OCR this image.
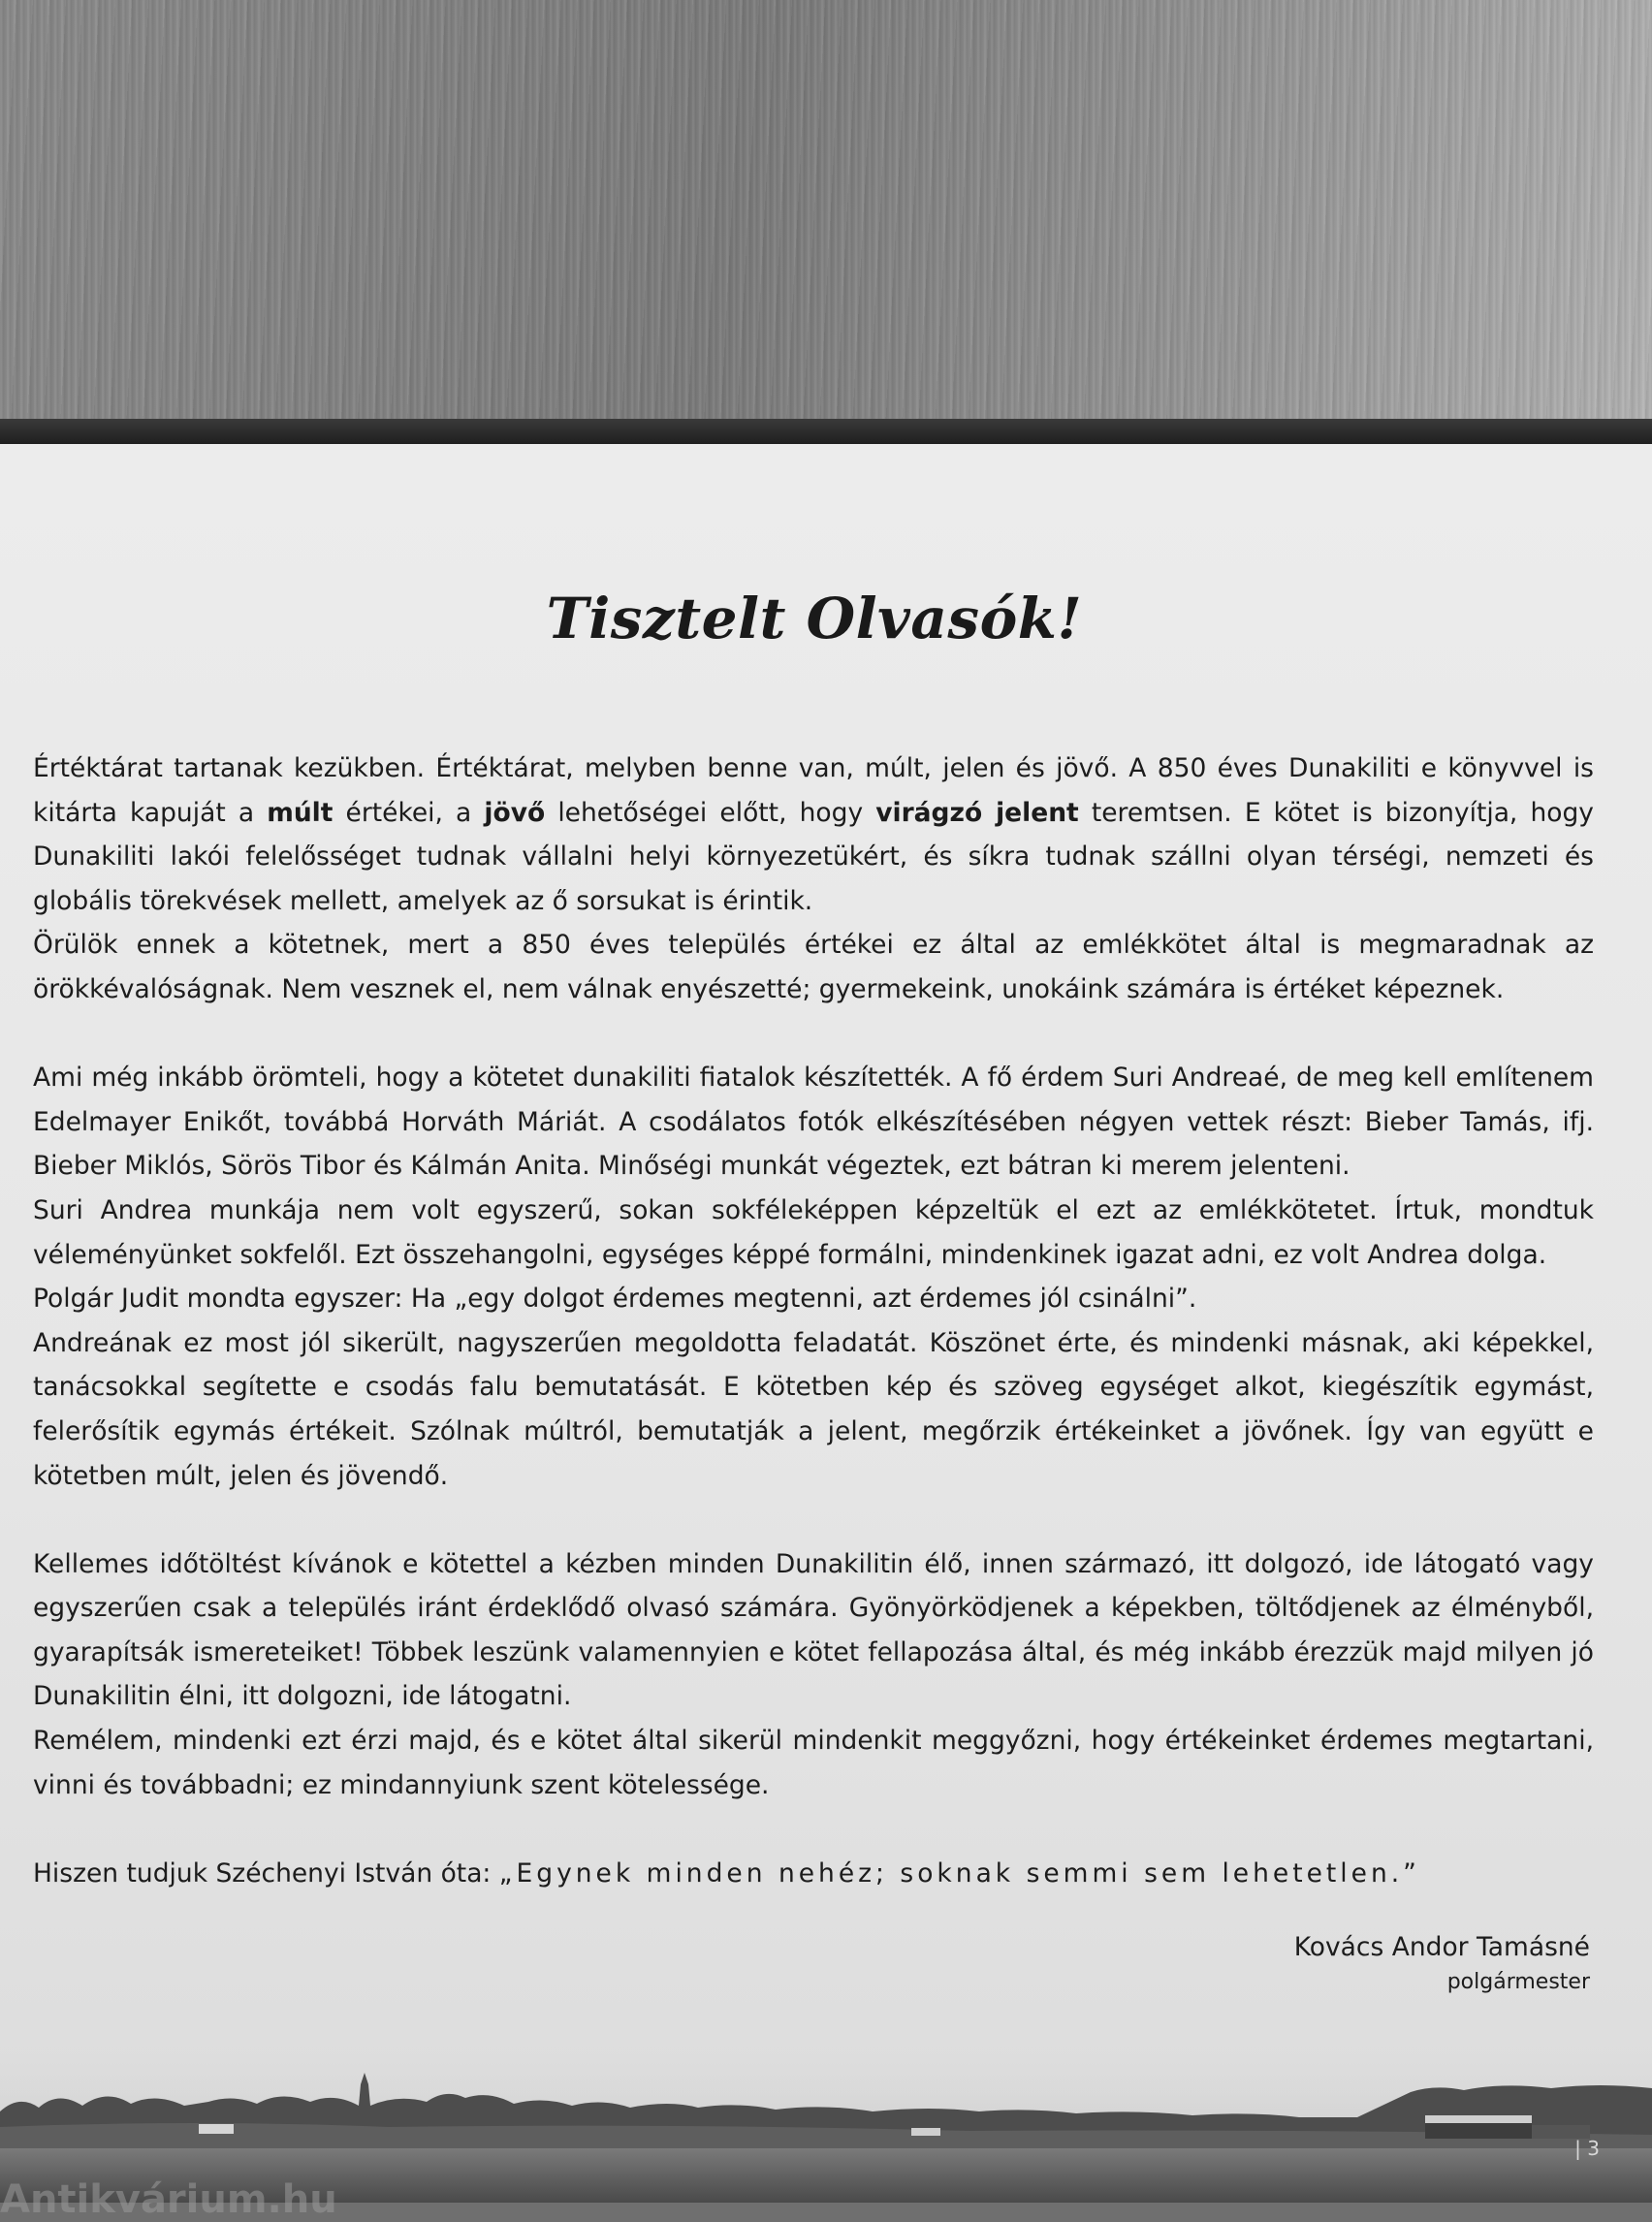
Tisztelt Olvasók!

Értéktárat tartanak kezükben. Értéktárat, melyben benne van, múlt, jelen és jövő. A 850 éves Dunakiliti e könyvvel is kitárta kapuját a múlt értékei, a jövő lehetőségei előtt, hogy virágzó jelent teremtsen. E kötet is bizonyítja, hogy Dunakiliti lakói felelősséget tudnak vállalni helyi környezetükért, és síkra tudnak szállni olyan térségi, nemzeti és globális törekvések mellett, amelyek az ő sorsukat is érintik.

Örülök ennek a kötetnek, mert a 850 éves település értékei ez által az emlékkötet által is megmaradnak az örökkévalóságnak. Nem vesznek el, nem válnak enyészetté; gyermekeink, unokáink számára is értéket képeznek.

Ami még inkább örömteli, hogy a kötetet dunakiliti fiatalok készítették. A fő érdem Suri Andreaé, de meg kell említenem Edelmayer Enikőt, továbbá Horváth Máriát. A csodálatos fotók elkészítésében négyen vettek részt: Bieber Tamás, ifj. Bieber Miklós, Sörös Tibor és Kálmán Anita. Minőségi munkát végeztek, ezt bátran ki merem jelenteni.

Suri Andrea munkája nem volt egyszerű, sokan sokféleképpen képzeltük el ezt az emlékkötetet. Írtuk, mondtuk véleményünket sokfelől. Ezt összehangolni, egységes képpé formálni, mindenkinek igazat adni, ez volt Andrea dolga.

Polgár Judit mondta egyszer: Ha „egy dolgot érdemes megtenni, azt érdemes jól csinálni”.

Andreának ez most jól sikerült, nagyszerűen megoldotta feladatát. Köszönet érte, és mindenki másnak, aki képekkel, tanácsokkal segítette e csodás falu bemutatását. E kötetben kép és szöveg egységet alkot, kiegészítik egymást, felerősítik egymás értékeit. Szólnak múltról, bemutatják a jelent, megőrzik értékeinket a jövőnek. Így van együtt e kötetben múlt, jelen és jövendő.

Kellemes időtöltést kívánok e kötettel a kézben minden Dunakilitin élő, innen származó, itt dolgozó, ide látogató vagy egyszerűen csak a település iránt érdeklődő olvasó számára. Gyönyörködjenek a képekben, töltődjenek az élményből, gyarapítsák ismereteiket! Többek leszünk valamennyien e kötet fellapozása által, és még inkább érezzük majd milyen jó Dunakilitin élni, itt dolgozni, ide látogatni.

Remélem, mindenki ezt érzi majd, és e kötet által sikerül mindenkit meggyőzni, hogy értékeinket érdemes megtartani, vinni és továbbadni; ez mindannyiunk szent kötelessége.

Hiszen tudjuk Széchenyi István óta: „Egynek minden nehéz; soknak semmi sem lehetetlen.”

Kovács Andor Tamásné
polgármester
| 3
Antikvárium.hu
